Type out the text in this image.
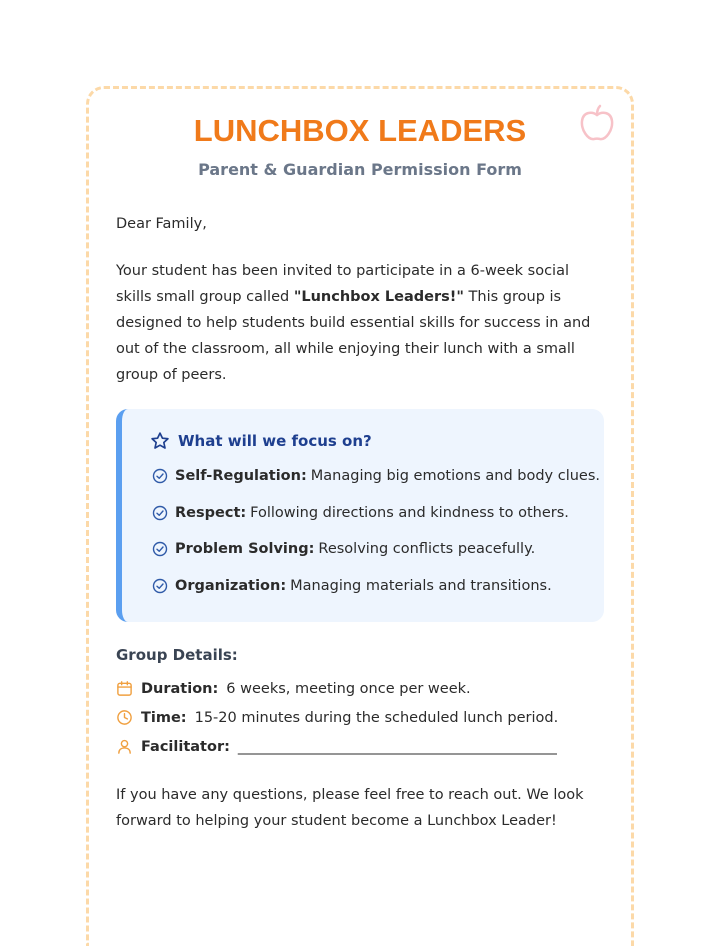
LUNCHBOX LEADERS

Parent & Guardian Permission Form

Dear Family,

Your student has been invited to participate in a 6-week social skills small group called "Lunchbox Leaders!" This group is designed to help students build essential skills for success in and out of the classroom, all while enjoying their lunch with a small group of peers.

What will we focus on?
Self-Regulation: Managing big emotions and body clues.
Respect: Following directions and kindness to others.
Problem Solving: Resolving conflicts peacefully.
Organization: Managing materials and transitions.

Group Details:

Duration: 6 weeks, meeting once per week.
Time: 15-20 minutes during the scheduled lunch period.
Facilitator: ____________________________________________

If you have any questions, please feel free to reach out. We look forward to helping your student become a Lunchbox Leader!
